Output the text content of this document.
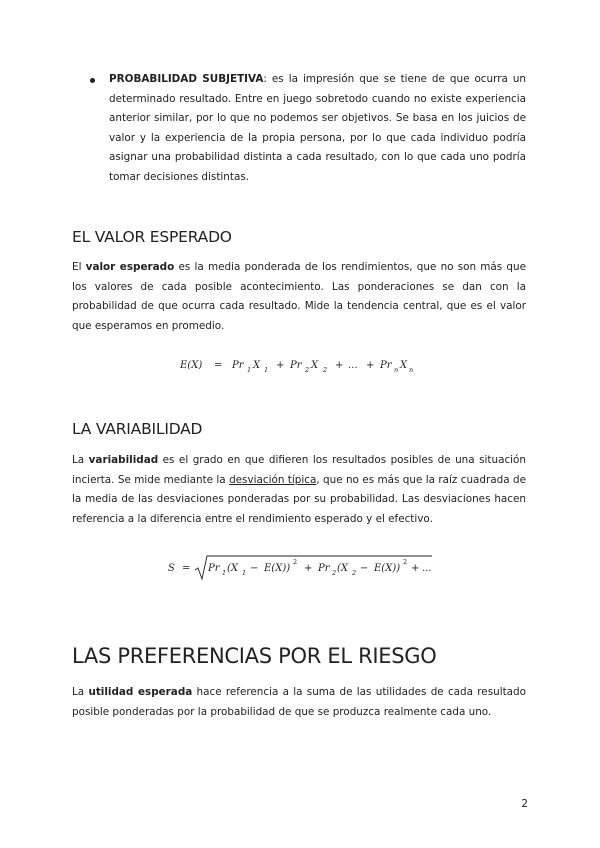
PROBABILIDAD SUBJETIVA: es la impresión que se tiene de que ocurra un determinado resultado. Entre en juego sobretodo cuando no existe experiencia anterior similar, por lo que no podemos ser objetivos. Se basa en los juicios de valor y la experiencia de la propia persona, por lo que cada individuo podría asignar una probabilidad distinta a cada resultado, con lo que cada uno podría tomar decisiones distintas.
EL VALOR ESPERADO
El valor esperado es la media ponderada de los rendimientos, que no son más que los valores de cada posible acontecimiento. Las ponderaciones se dan con la probabilidad de que ocurra cada resultado. Mide la tendencia central, que es el valor que esperamos en promedio.
E(X) = Pr 1 X 1 + Pr 2 X 2 + ... + Pr n X n
LA VARIABILIDAD
La variabilidad es el grado en que difieren los resultados posibles de una situación incierta. Se mide mediante la desviación típica, que no es más que la raíz cuadrada de la media de las desviaciones ponderadas por su probabilidad. Las desviaciones hacen referencia a la diferencia entre el rendimiento esperado y el efectivo.
S = Pr 1 (X 1 − E(X))
2
+ Pr 2 (X 2 − E(X))
2
+ ...
LAS PREFERENCIAS POR EL RIESGO
La utilidad esperada hace referencia a la suma de las utilidades de cada resultado posible ponderadas por la probabilidad de que se produzca realmente cada uno.
2
